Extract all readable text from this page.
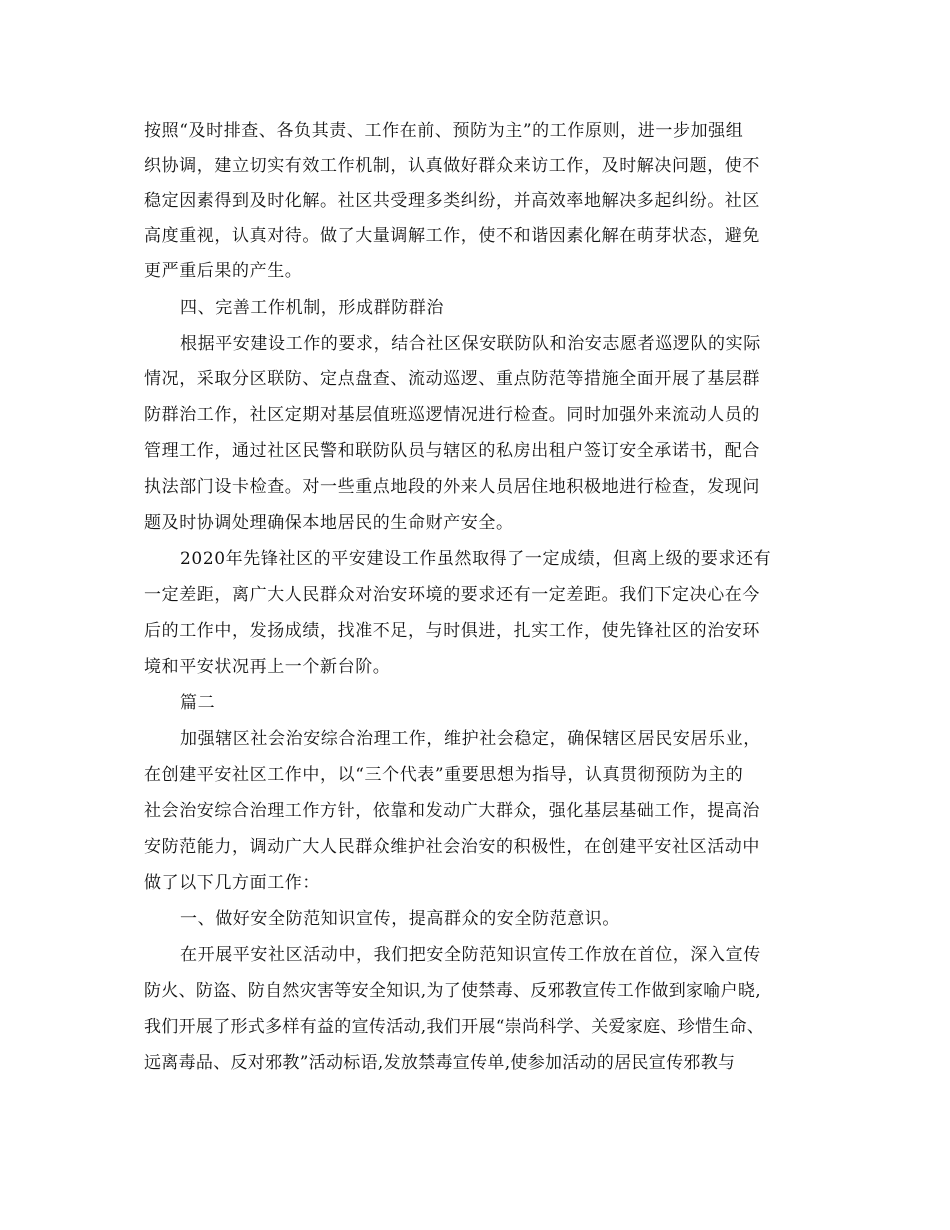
按照“及时排查、各负其责、工作在前、预防为主”的工作原则，进一步加强组
织协调，建立切实有效工作机制，认真做好群众来访工作，及时解决问题，使不
稳定因素得到及时化解。社区共受理多类纠纷，并高效率地解决多起纠纷。社区
高度重视，认真对待。做了大量调解工作，使不和谐因素化解在萌芽状态，避免
更严重后果的产生。
四、完善工作机制，形成群防群治
根据平安建设工作的要求，结合社区保安联防队和治安志愿者巡逻队的实际
情况，采取分区联防、定点盘查、流动巡逻、重点防范等措施全面开展了基层群
防群治工作，社区定期对基层值班巡逻情况进行检查。同时加强外来流动人员的
管理工作，通过社区民警和联防队员与辖区的私房出租户签订安全承诺书，配合
执法部门设卡检查。对一些重点地段的外来人员居住地积极地进行检查，发现问
题及时协调处理确保本地居民的生命财产安全。
2020年先锋社区的平安建设工作虽然取得了一定成绩，但离上级的要求还有
一定差距，离广大人民群众对治安环境的要求还有一定差距。我们下定决心在今
后的工作中，发扬成绩，找准不足，与时俱进，扎实工作，使先锋社区的治安环
境和平安状况再上一个新台阶。
篇二
加强辖区社会治安综合治理工作，维护社会稳定，确保辖区居民安居乐业，
在创建平安社区工作中，以“三个代表”重要思想为指导，认真贯彻预防为主的
社会治安综合治理工作方针，依靠和发动广大群众，强化基层基础工作，提高治
安防范能力，调动广大人民群众维护社会治安的积极性，在创建平安社区活动中
做了以下几方面工作：
一、做好安全防范知识宣传，提高群众的安全防范意识。
在开展平安社区活动中，我们把安全防范知识宣传工作放在首位，深入宣传
防火、防盗、防自然灾害等安全知识,为了使禁毒、反邪教宣传工作做到家喻户晓,
我们开展了形式多样有益的宣传活动,我们开展“崇尚科学、关爱家庭、珍惜生命、
远离毒品、反对邪教”活动标语,发放禁毒宣传单,使参加活动的居民宣传邪教与
